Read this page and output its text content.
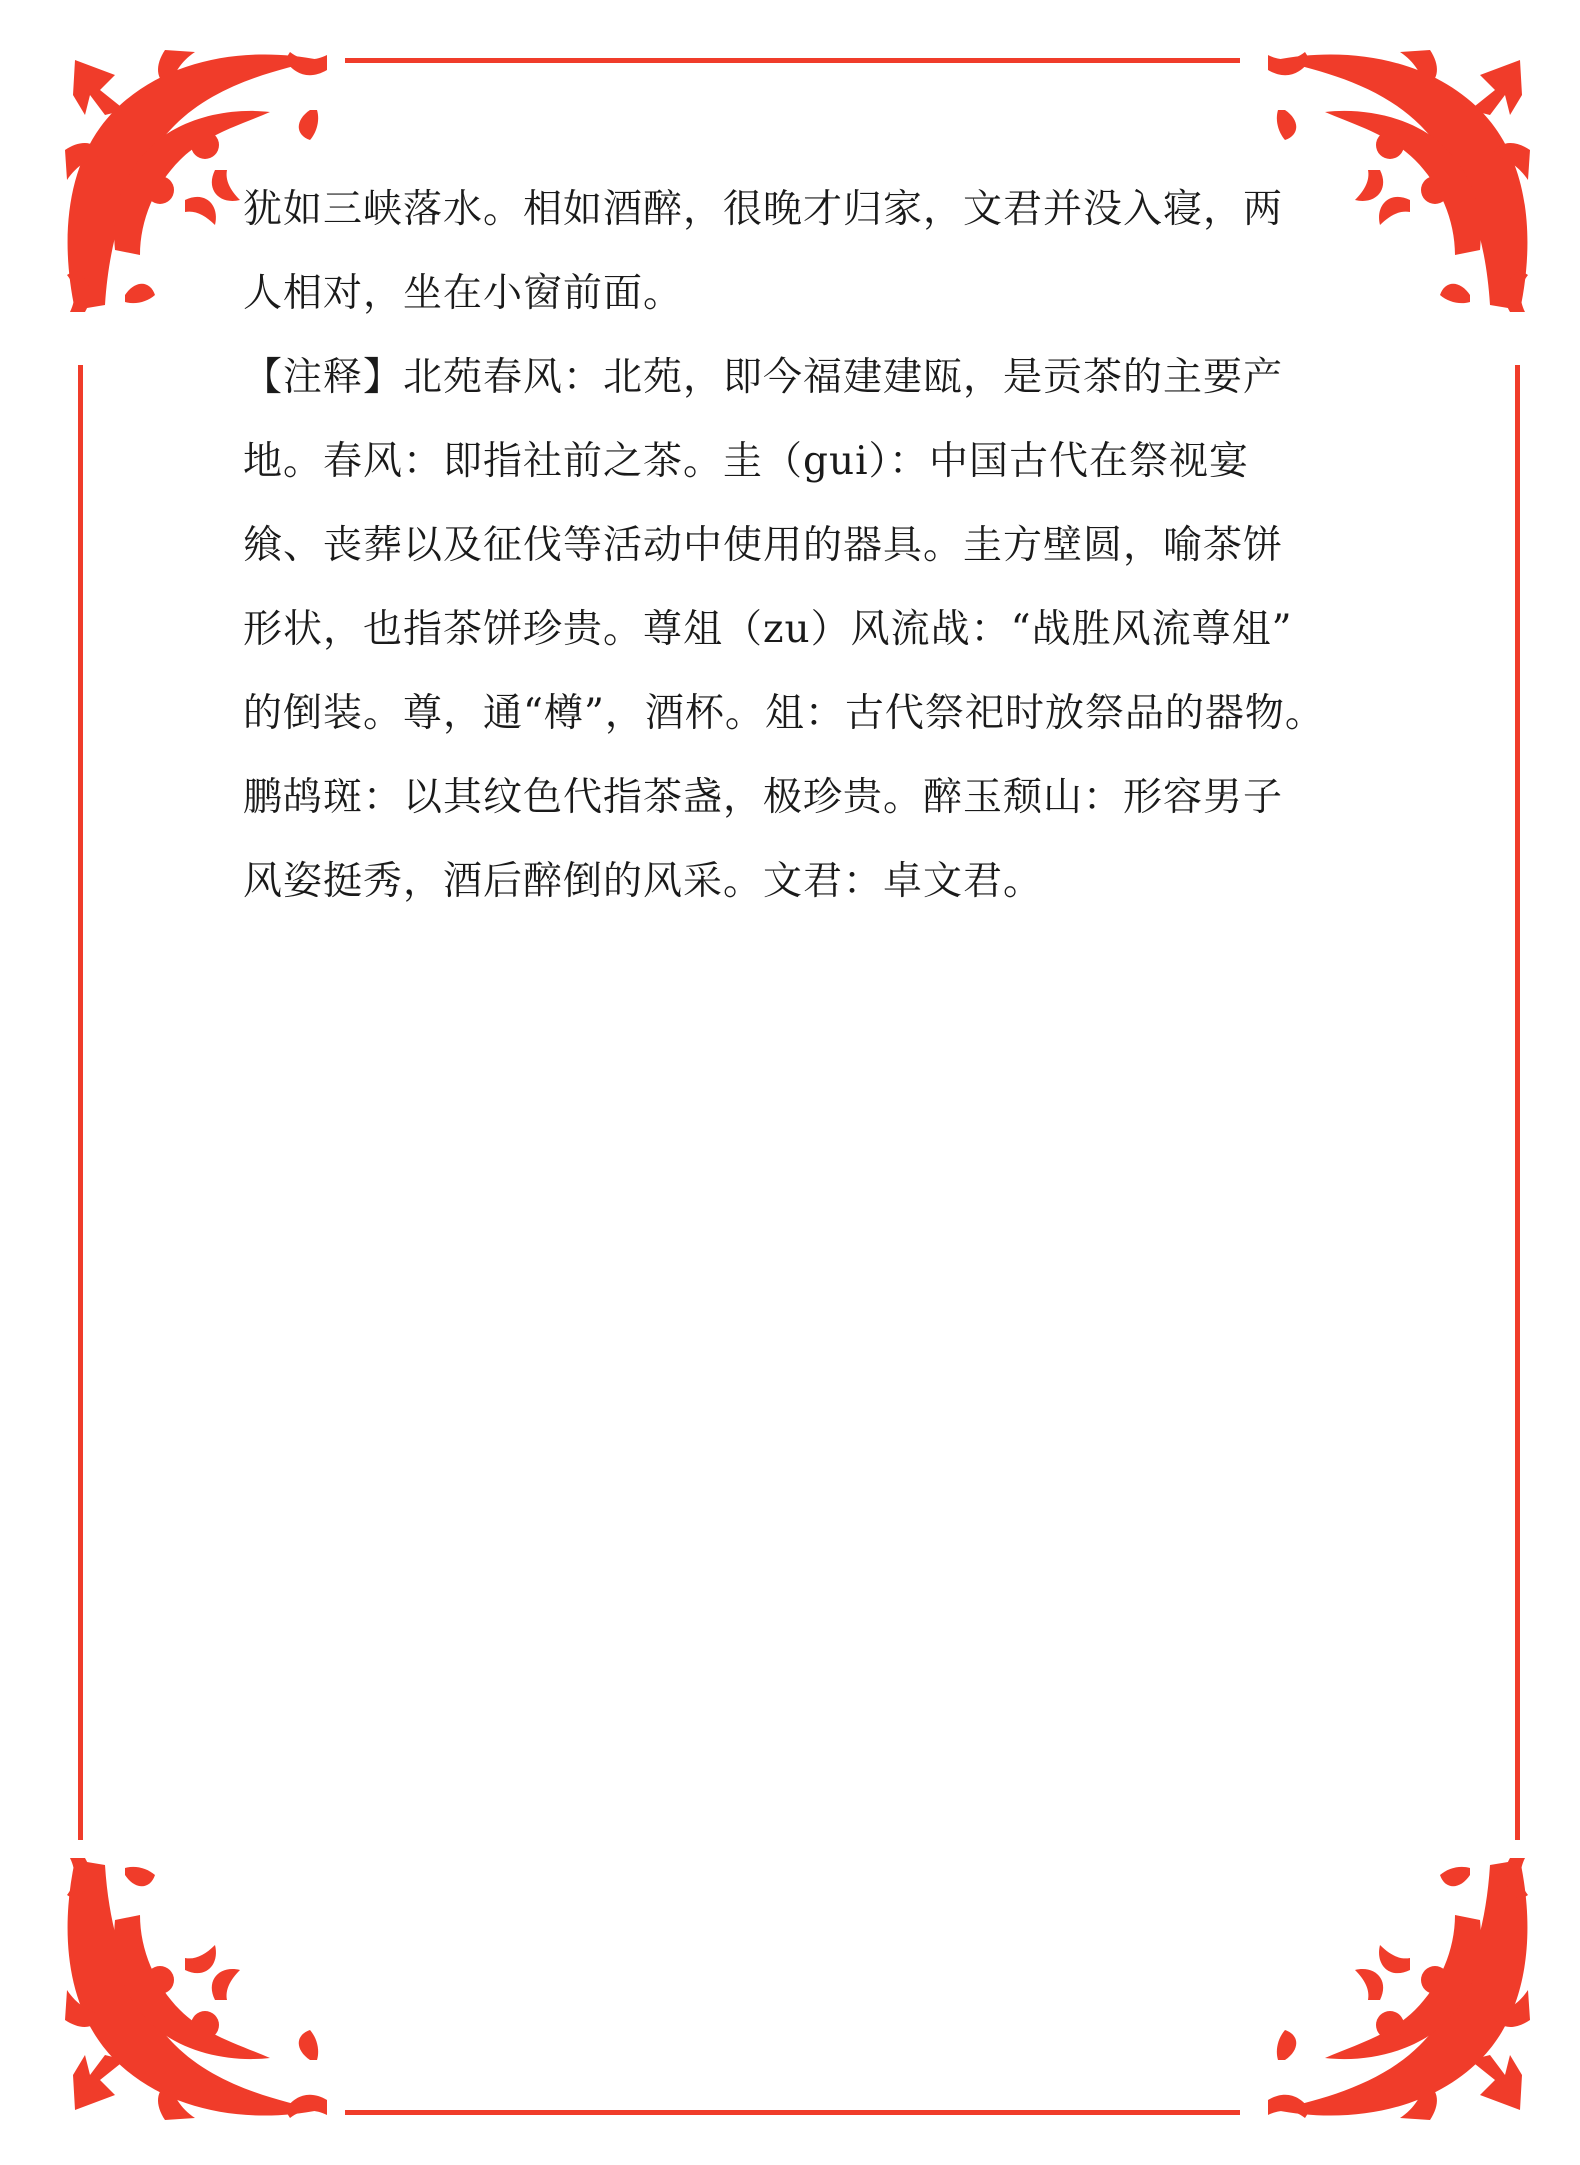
犹如三峡落水。相如酒醉，很晚才归家，文君并没入寝，两
人相对，坐在小窗前面。

【注释】北苑春风：北苑，即今福建建瓯，是贡茶的主要产
地。春风：即指社前之茶。圭（gui）：中国古代在祭视宴
飨、丧葬以及征伐等活动中使用的器具。圭方壁圆，喻茶饼
形状，也指茶饼珍贵。尊俎（zu）风流战：“战胜风流尊俎”
的倒装。尊，通“樽”，酒杯。俎：古代祭祀时放祭品的器物。
鹏鸪斑：以其纹色代指茶盏，极珍贵。醉玉颓山：形容男子
风姿挺秀，酒后醉倒的风采。文君：卓文君。
